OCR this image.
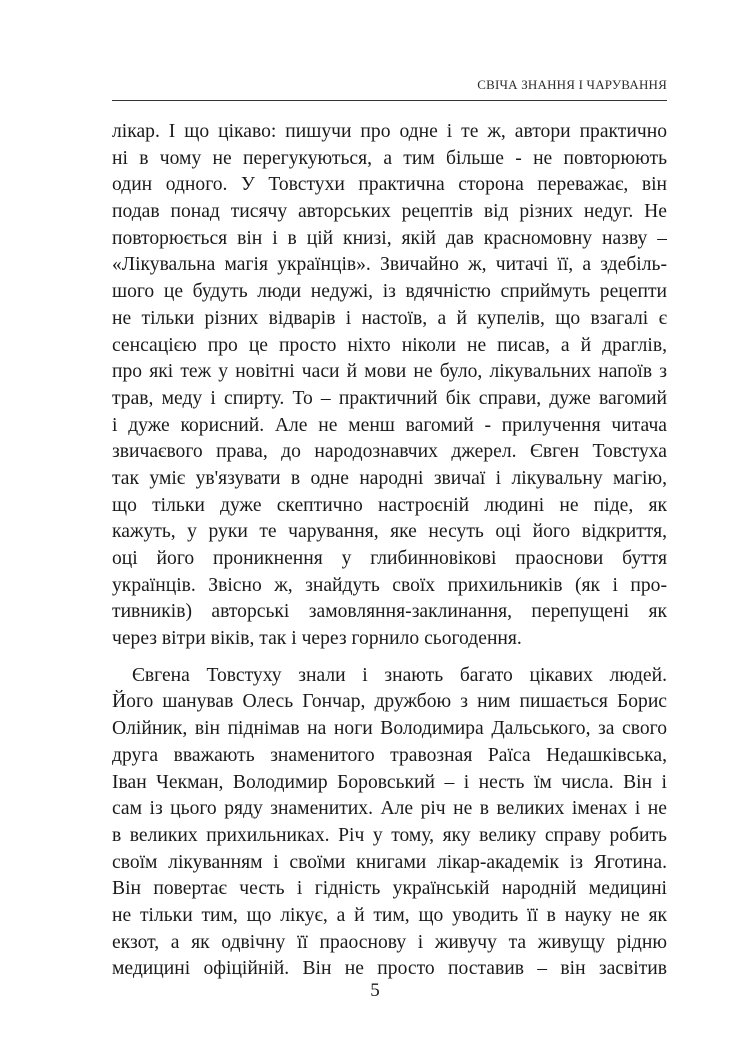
СВІЧА ЗНАННЯ І ЧАРУВАННЯ
лікар. І що цікаво: пишучи про одне і те ж, автори практично
ні в чому не перегукуються, а тим більше - не повторюють
один одного. У Товстухи практична сторона переважає, він
подав понад тисячу авторських рецептів від різних недуг. Не
повторюється він і в цій книзі, якій дав красномовну назву –
«Лікувальна магія українців». Звичайно ж, читачі її, а здебіль-
шого це будуть люди недужі, із вдячністю сприймуть рецепти
не тільки різних відварів і настоїв, а й купелів, що взагалі є
сенсацією про це просто ніхто ніколи не писав, а й драглів,
про які теж у новітні часи й мови не було, лікувальних напоїв з
трав, меду і спирту. То – практичний бік справи, дуже вагомий
і дуже корисний. Але не менш вагомий - прилучення читача
звичаєвого права, до народознавчих джерел. Євген Товстуха
так уміє ув'язувати в одне народні звичаї і лікувальну магію,
що тільки дуже скептично настроєній людині не піде, як
кажуть, у руки те чарування, яке несуть оці його відкриття,
оці його проникнення у глибинновікові праоснови буття
українців. Звісно ж, знайдуть своїх прихильників (як і про-
тивників) авторські замовляння-заклинання, перепущені як
через вітри віків, так і через горнило сьогодення.
Євгена Товстуху знали і знають багато цікавих людей.
Його шанував Олесь Гончар, дружбою з ним пишається Борис
Олійник, він піднімав на ноги Володимира Дальського, за свого
друга вважають знаменитого травозная Раїса Недашківська,
Іван Чекман, Володимир Боровський – і несть їм числа. Він і
сам із цього ряду знаменитих. Але річ не в великих іменах і не
в великих прихильниках. Річ у тому, яку велику справу робить
своїм лікуванням і своїми книгами лікар-академік із Яготина.
Він повертає честь і гідність українській народній медицині
не тільки тим, що лікує, а й тим, що уводить її в науку не як
екзот, а як одвічну її праоснову і живучу та живущу рідню
медицині офіційній. Він не просто поставив – він засвітив
5
